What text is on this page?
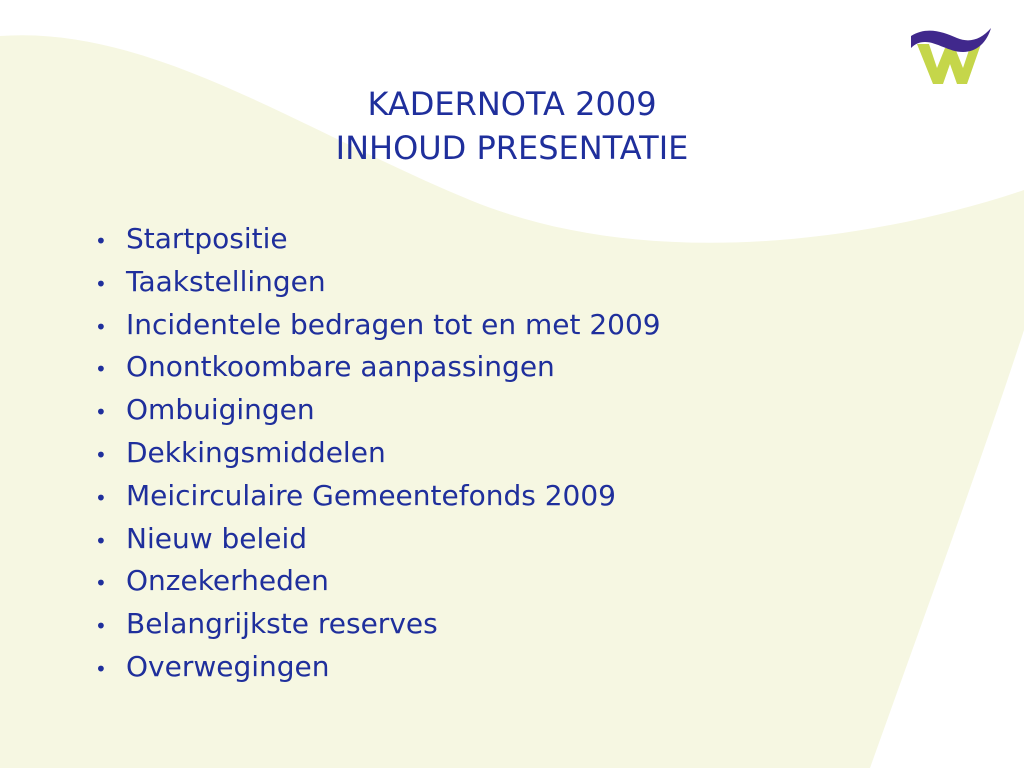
KADERNOTA 2009
INHOUD PRESENTATIE
• Startpositie
• Taakstellingen
• Incidentele bedragen tot en met 2009
• Onontkoombare aanpassingen
• Ombuigingen
• Dekkingsmiddelen
• Meicirculaire Gemeentefonds 2009
• Nieuw beleid
• Onzekerheden
• Belangrijkste reserves
• Overwegingen
